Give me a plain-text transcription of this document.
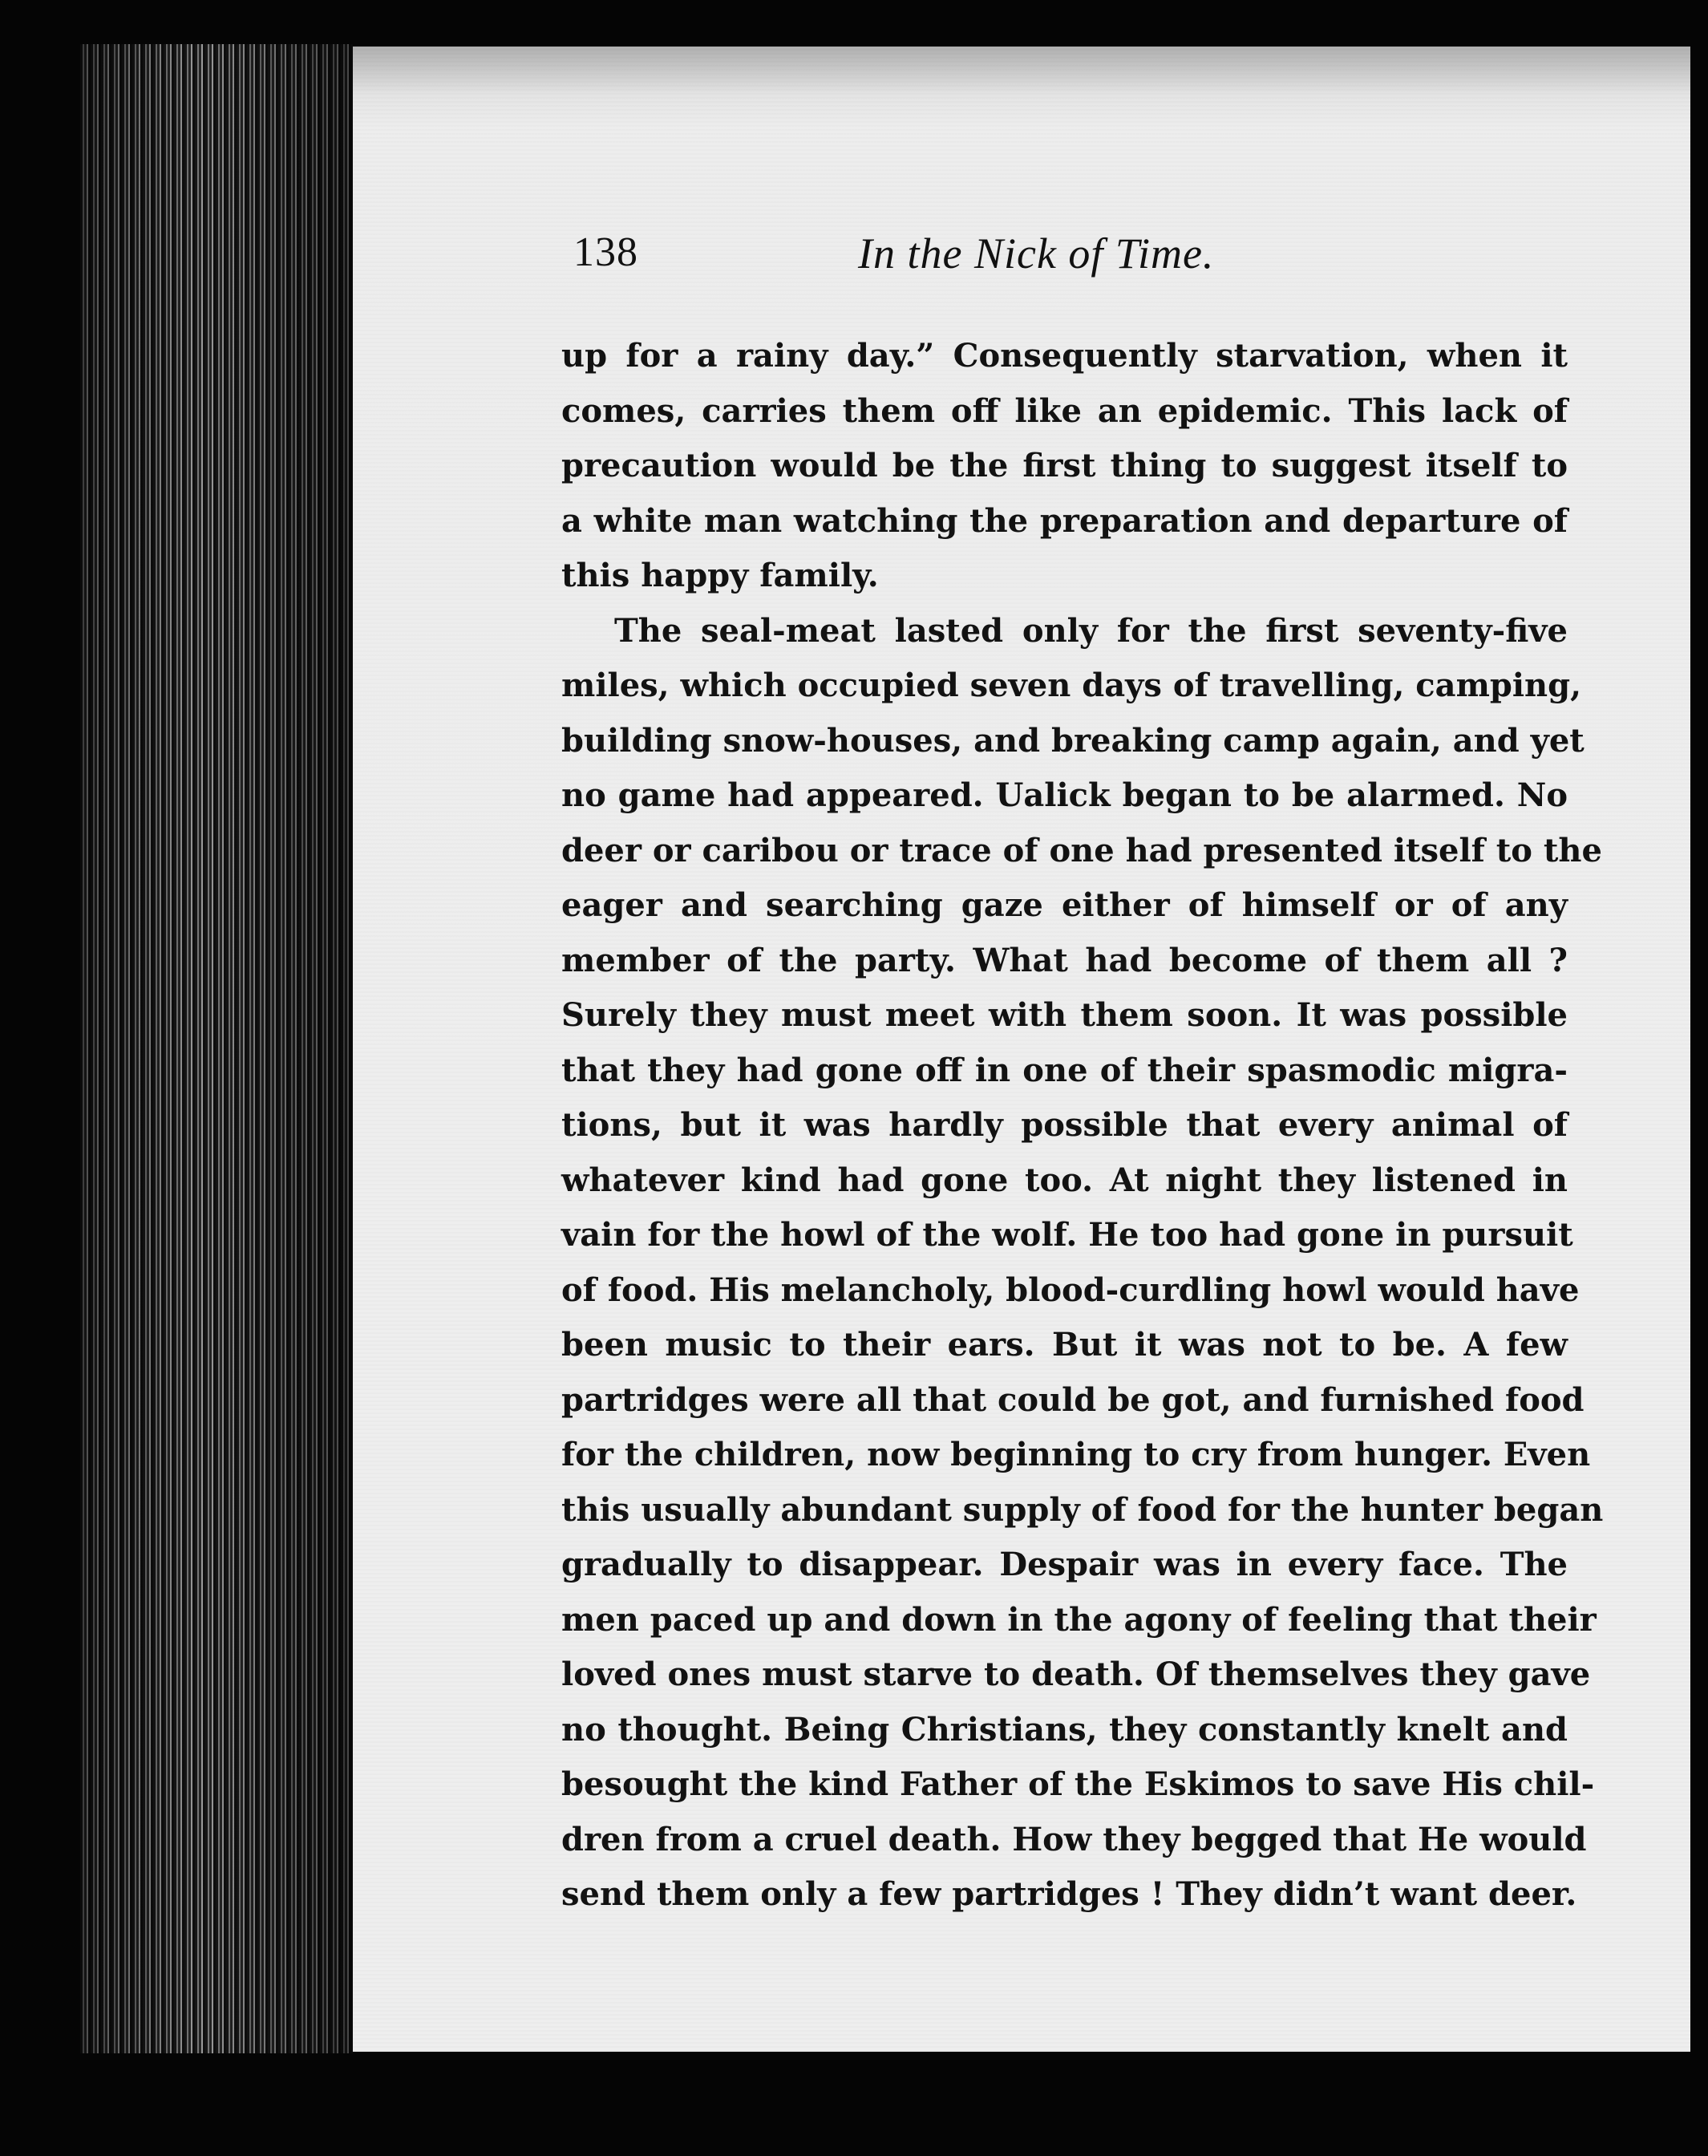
138	In the Nick of Time.
up for a rainy day.” Consequently starvation, when it
comes, carries them off like an epidemic. This lack of
precaution would be the first thing to suggest itself to
a white man watching the preparation and departure of
this happy family.
The seal-meat lasted only for the first seventy-five
miles, which occupied seven days of travelling, camping,
building snow-houses, and breaking camp again, and yet
no game had appeared. Ualick began to be alarmed. No
deer or caribou or trace of one had presented itself to the
eager and searching gaze either of himself or of any
member of the party. What had become of them all ?
Surely they must meet with them soon. It was possible
that they had gone off in one of their spasmodic migra-
tions, but it was hardly possible that every animal of
whatever kind had gone too. At night they listened in
vain for the howl of the wolf. He too had gone in pursuit
of food. His melancholy, blood-curdling howl would have
been music to their ears. But it was not to be. A few
partridges were all that could be got, and furnished food
for the children, now beginning to cry from hunger. Even
this usually abundant supply of food for the hunter began
gradually to disappear. Despair was in every face. The
men paced up and down in the agony of feeling that their
loved ones must starve to death. Of themselves they gave
no thought. Being Christians, they constantly knelt and
besought the kind Father of the Eskimos to save His chil-
dren from a cruel death. How they begged that He would
send them only a few partridges ! They didn’t want deer.
